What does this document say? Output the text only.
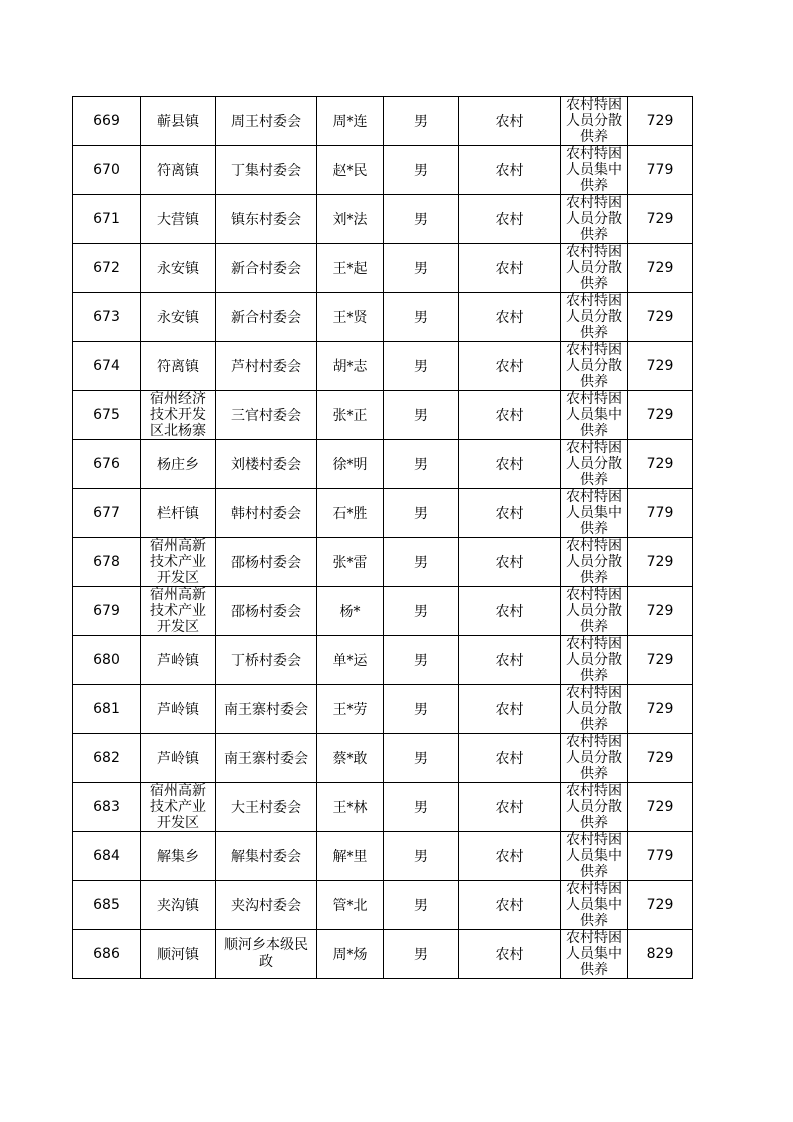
669	蕲县镇	周王村委会	周*连	男	农村	农村特困人员分散供养	729
670	符离镇	丁集村委会	赵*民	男	农村	农村特困人员集中供养	779
671	大营镇	镇东村委会	刘*法	男	农村	农村特困人员分散供养	729
672	永安镇	新合村委会	王*起	男	农村	农村特困人员分散供养	729
673	永安镇	新合村委会	王*贤	男	农村	农村特困人员分散供养	729
674	符离镇	芦村村委会	胡*志	男	农村	农村特困人员分散供养	729
675	宿州经济技术开发区北杨寨	三官村委会	张*正	男	农村	农村特困人员集中供养	729
676	杨庄乡	刘楼村委会	徐*明	男	农村	农村特困人员分散供养	729
677	栏杆镇	韩村村委会	石*胜	男	农村	农村特困人员集中供养	779
678	宿州高新技术产业开发区	邵杨村委会	张*雷	男	农村	农村特困人员分散供养	729
679	宿州高新技术产业开发区	邵杨村委会	杨*	男	农村	农村特困人员分散供养	729
680	芦岭镇	丁桥村委会	单*运	男	农村	农村特困人员分散供养	729
681	芦岭镇	南王寨村委会	王*劳	男	农村	农村特困人员分散供养	729
682	芦岭镇	南王寨村委会	蔡*敢	男	农村	农村特困人员分散供养	729
683	宿州高新技术产业开发区	大王村委会	王*林	男	农村	农村特困人员分散供养	729
684	解集乡	解集村委会	解*里	男	农村	农村特困人员集中供养	779
685	夹沟镇	夹沟村委会	管*北	男	农村	农村特困人员集中供养	729
686	顺河镇	顺河乡本级民政	周*炀	男	农村	农村特困人员集中供养	829
